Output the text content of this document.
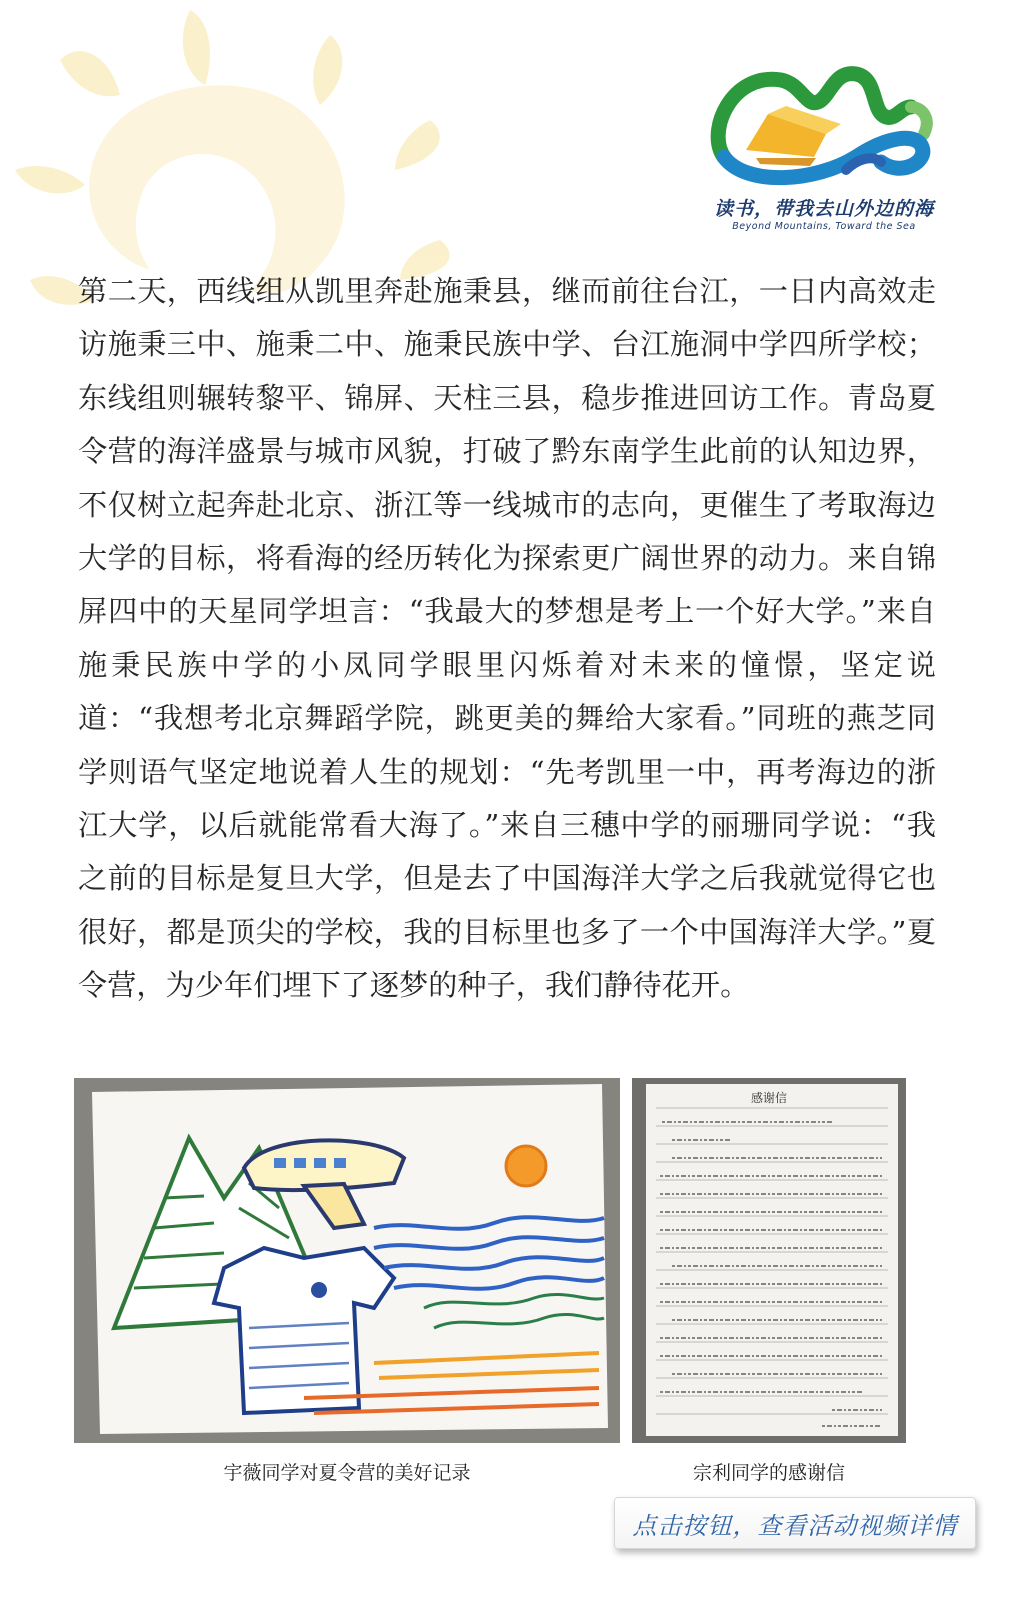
读书，带我去山外边的海
Beyond Mountains, Toward the Sea

第二天，西线组从凯里奔赴施秉县，继而前往台江，一日内高效走访施秉三中、施秉二中、施秉民族中学、台江施洞中学四所学校；东线组则辗转黎平、锦屏、天柱三县，稳步推进回访工作。青岛夏令营的海洋盛景与城市风貌，打破了黔东南学生此前的认知边界，不仅树立起奔赴北京、浙江等一线城市的志向，更催生了考取海边大学的目标，将看海的经历转化为探索更广阔世界的动力。来自锦屏四中的天星同学坦言：“我最大的梦想是考上一个好大学。”来自施秉民族中学的小凤同学眼里闪烁着对未来的憧憬，坚定说道：“我想考北京舞蹈学院，跳更美的舞给大家看。”同班的燕芝同学则语气坚定地说着人生的规划：“先考凯里一中，再考海边的浙江大学，以后就能常看大海了。”来自三穗中学的丽珊同学说：“我之前的目标是复旦大学，但是去了中国海洋大学之后我就觉得它也很好，都是顶尖的学校，我的目标里也多了一个中国海洋大学。”夏令营，为少年们埋下了逐梦的种子，我们静待花开。

感谢信
宇薇同学对夏令营的美好记录	宗利同学的感谢信
点击按钮，查看活动视频详情
